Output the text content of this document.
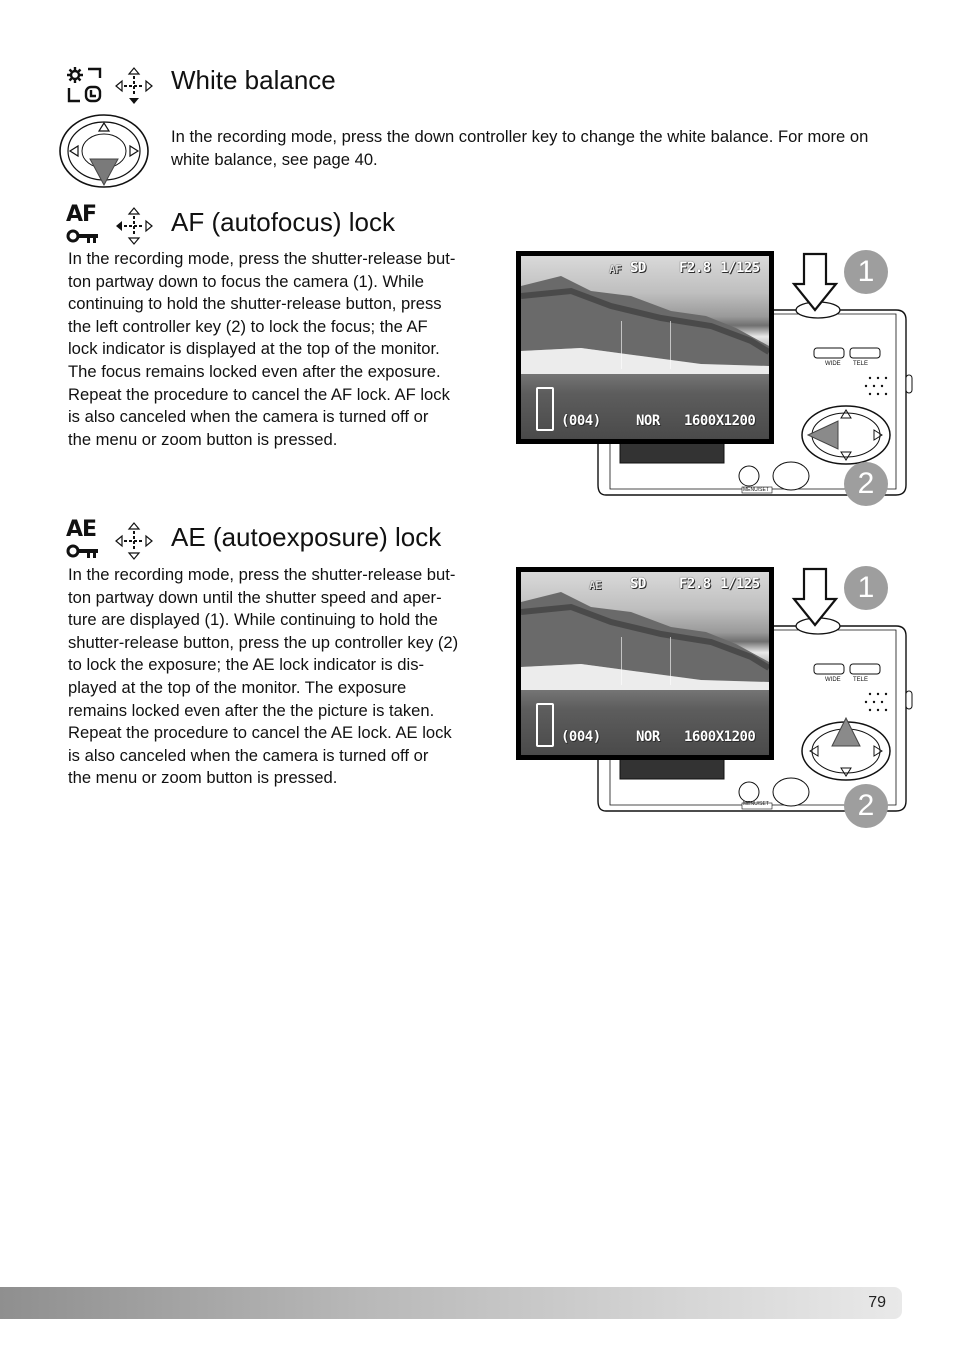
White balance

In the recording mode, press the down controller key to change the white balance. For more on white balance, see page 40.

AF	AF (autofocus) lock

In the recording mode, press the shutter-release but-

ton partway down to focus the camera (1). While

continuing to hold the shutter-release button, press

the left controller key (2) to lock the focus; the AF

lock indicator is displayed at the top of the monitor.

The focus remains locked even after the exposure.

Repeat the procedure to cancel the AF lock. AF lock

is also canceled when the camera is turned off or

the menu or zoom button is pressed.

WIDE TELE
MENU/SET
1
2
AF SD F2.8 1/125
(004)	NOR 1600X1200
AE	AE (autoexposure) lock

In the recording mode, press the shutter-release but-

ton partway down until the shutter speed and aper-

ture are displayed (1). While continuing to hold the

shutter-release button, press the up controller key (2)

to lock the exposure; the AE lock indicator is dis-

played at the top of the monitor. The exposure

remains locked even after the the picture is taken.

Repeat the procedure to cancel the AE lock. AE lock

is also canceled when the camera is turned off or

the menu or zoom button is pressed.

WIDE TELE
MENU/SET
1
2
AE SD F2.8 1/125
(004)	NOR 1600X1200
79
